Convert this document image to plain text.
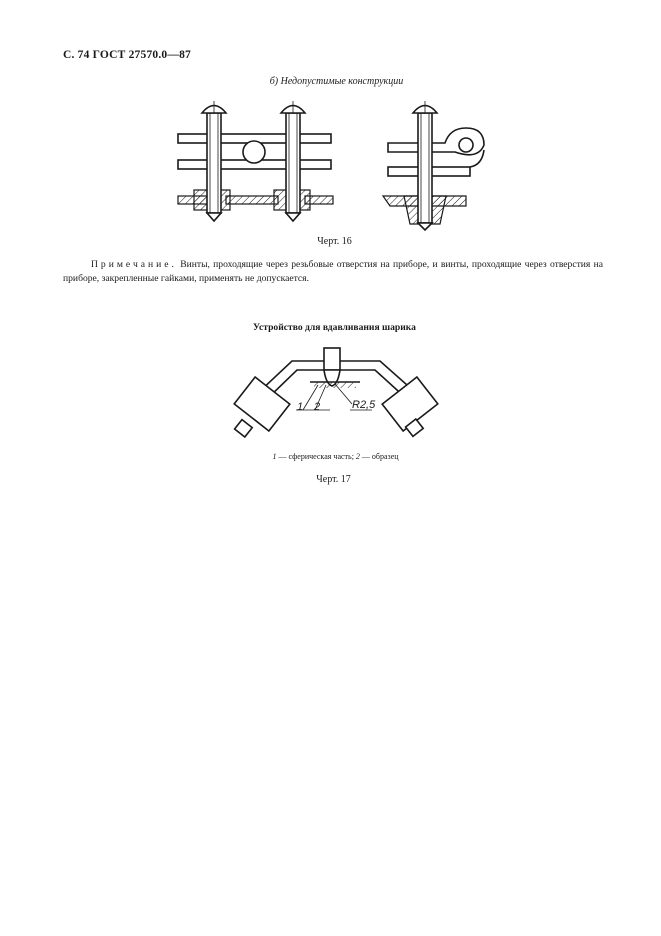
С. 74 ГОСТ 27570.0—87
б) Недопустимые конструкции
1 2	R2,5
Черт. 16
Примечание. Винты, проходящие через резьбовые отверстия на приборе, и винты, проходящие через отверстия на приборе, закрепленные гайками, применять не допускается.
Устройство для вдавливания шарика
1 — сферическая часть; 2 — образец
Черт. 17
